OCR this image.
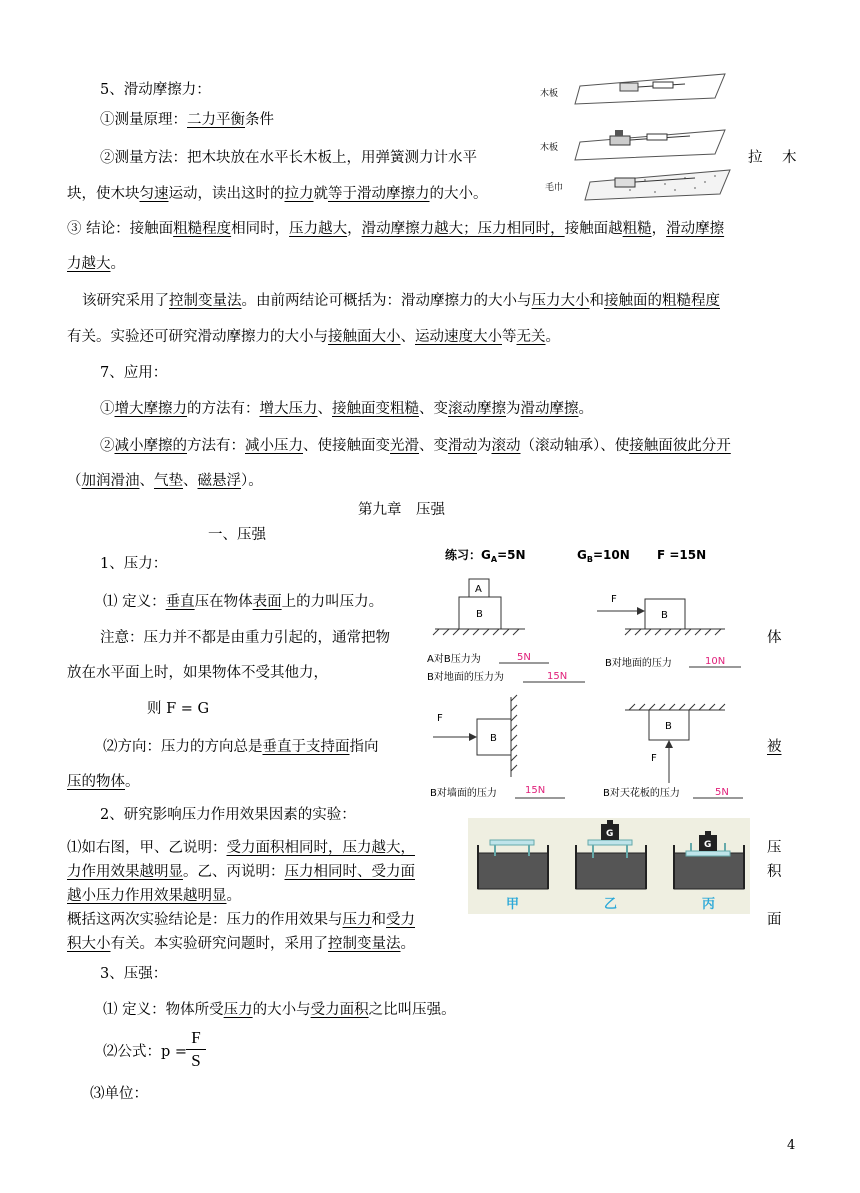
5、滑动摩擦力：
①测量原理：二力平衡条件
②测量方法：把木块放在水平长木板上，用弹簧测力计水平	拉 木
块，使木块匀速运动，读出这时的拉力就等于滑动摩擦力的大小。
③ 结论：接触面粗糙程度相同时，压力越大，滑动摩擦力越大；压力相同时，接触面越粗糙，滑动摩擦
力越大。
该研究采用了控制变量法。由前两结论可概括为：滑动摩擦力的大小与压力大小和接触面的粗糙程度
有关。实验还可研究滑动摩擦力的大小与接触面大小、运动速度大小等无关。
7、应用：
①增大摩擦力的方法有：增大压力、接触面变粗糙、变滚动摩擦为滑动摩擦。
②减小摩擦的方法有：减小压力、使接触面变光滑、变滑动为滚动（滚动轴承）、使接触面彼此分开
（加润滑油、气垫、磁悬浮）。
第九章　压强
一、压强
1、压力：
⑴ 定义：垂直压在物体表面上的力叫压力。
注意：压力并不都是由重力引起的，通常把物	体
放在水平面上时，如果物体不受其他力，
则 F = G
⑵方向：压力的方向总是垂直于支持面指向	被
压的物体。
2、研究影响压力作用效果因素的实验：
⑴如右图，甲、乙说明：受力面积相同时，压力越大，	压
力作用效果越明显。乙、丙说明：压力相同时、受力面	积
越小压力作用效果越明显。
概括这两次实验结论是：压力的作用效果与压力和受力	面
积大小有关。本实验研究问题时，采用了控制变量法。
3、压强：
⑴ 定义：物体所受压力的大小与受力面积之比叫压强。
⑵公式：p =
F
S
⑶单位：
4
木板
木板
毛巾
练习：$G_A=5N$	$G_B=10N$ F =15N
A
B
A对B压力为	5N
B对地面的压力为	15N
F
B
B对地面的压力	10N
F
B
B对墙面的压力	15N
B
F
B对天花板的压力	5N
甲
G
乙
G
丙
